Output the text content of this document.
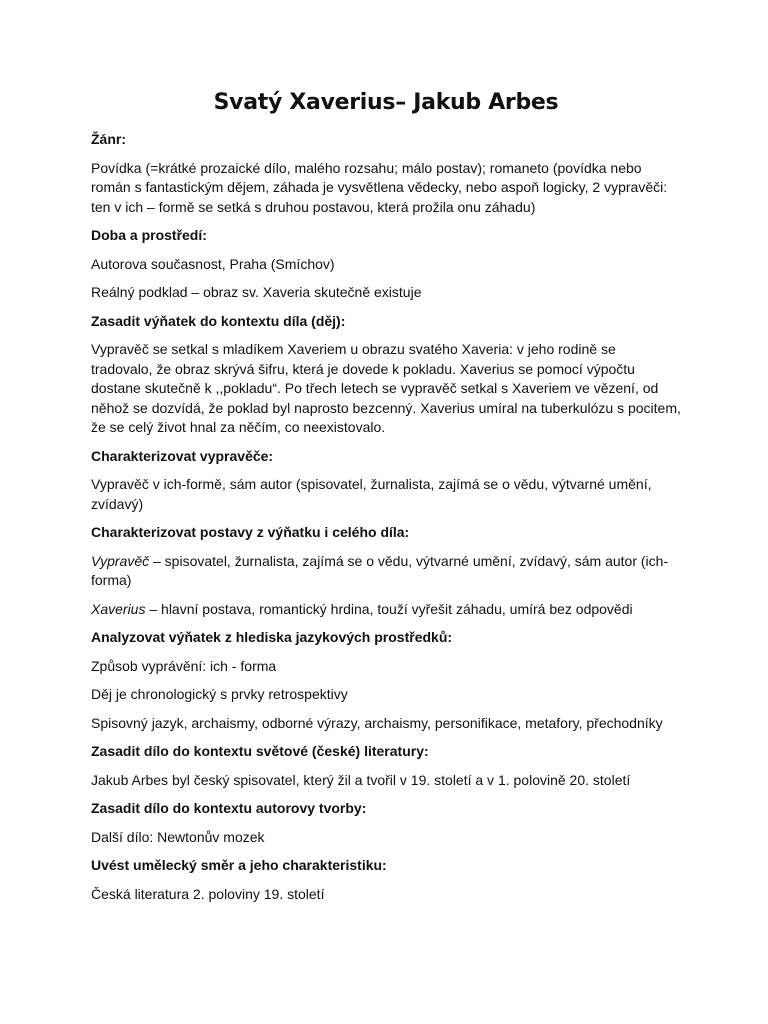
Svatý Xaverius– Jakub Arbes
Žánr:
Povídka (=krátké prozaické dílo, malého rozsahu; málo postav); romaneto (povídka nebo román s fantastickým dějem, záhada je vysvětlena vědecky, nebo aspoň logicky, 2 vypravěči: ten v ich – formě se setká s druhou postavou, která prožila onu záhadu)
Doba a prostředí:
Autorova současnost, Praha (Smíchov)
Reálný podklad – obraz sv. Xaveria skutečně existuje
Zasadit výňatek do kontextu díla (děj):
Vypravěč se setkal s mladíkem Xaveriem u obrazu svatého Xaveria: v jeho rodině se tradovalo, že obraz skrývá šifru, která je dovede k pokladu. Xaverius se pomocí výpočtu dostane skutečně k ,,pokladu“. Po třech letech se vypravěč setkal s Xaveriem ve vězení, od něhož se dozvídá, že poklad byl naprosto bezcenný. Xaverius umíral na tuberkulózu s pocitem, že se celý život hnal za něčím, co neexistovalo.
Charakterizovat vypravěče:
Vypravěč v ich-formě, sám autor (spisovatel, žurnalista, zajímá se o vědu, výtvarné umění, zvídavý)
Charakterizovat postavy z výňatku i celého díla:
Vypravěč – spisovatel, žurnalista, zajímá se o vědu, výtvarné umění, zvídavý, sám autor (ich-forma)
Xaverius – hlavní postava, romantický hrdina, touží vyřešit záhadu, umírá bez odpovědi
Analyzovat výňatek z hlediska jazykových prostředků:
Způsob vyprávění: ich - forma
Děj je chronologický s prvky retrospektivy
Spisovný jazyk, archaismy, odborné výrazy, archaismy, personifikace, metafory, přechodníky
Zasadit dílo do kontextu světové (české) literatury:
Jakub Arbes byl český spisovatel, který žil a tvořil v 19. století a v 1. polovině 20. století
Zasadit dílo do kontextu autorovy tvorby:
Další dílo: Newtonův mozek
Uvést umělecký směr a jeho charakteristiku:
Česká literatura 2. poloviny 19. století
